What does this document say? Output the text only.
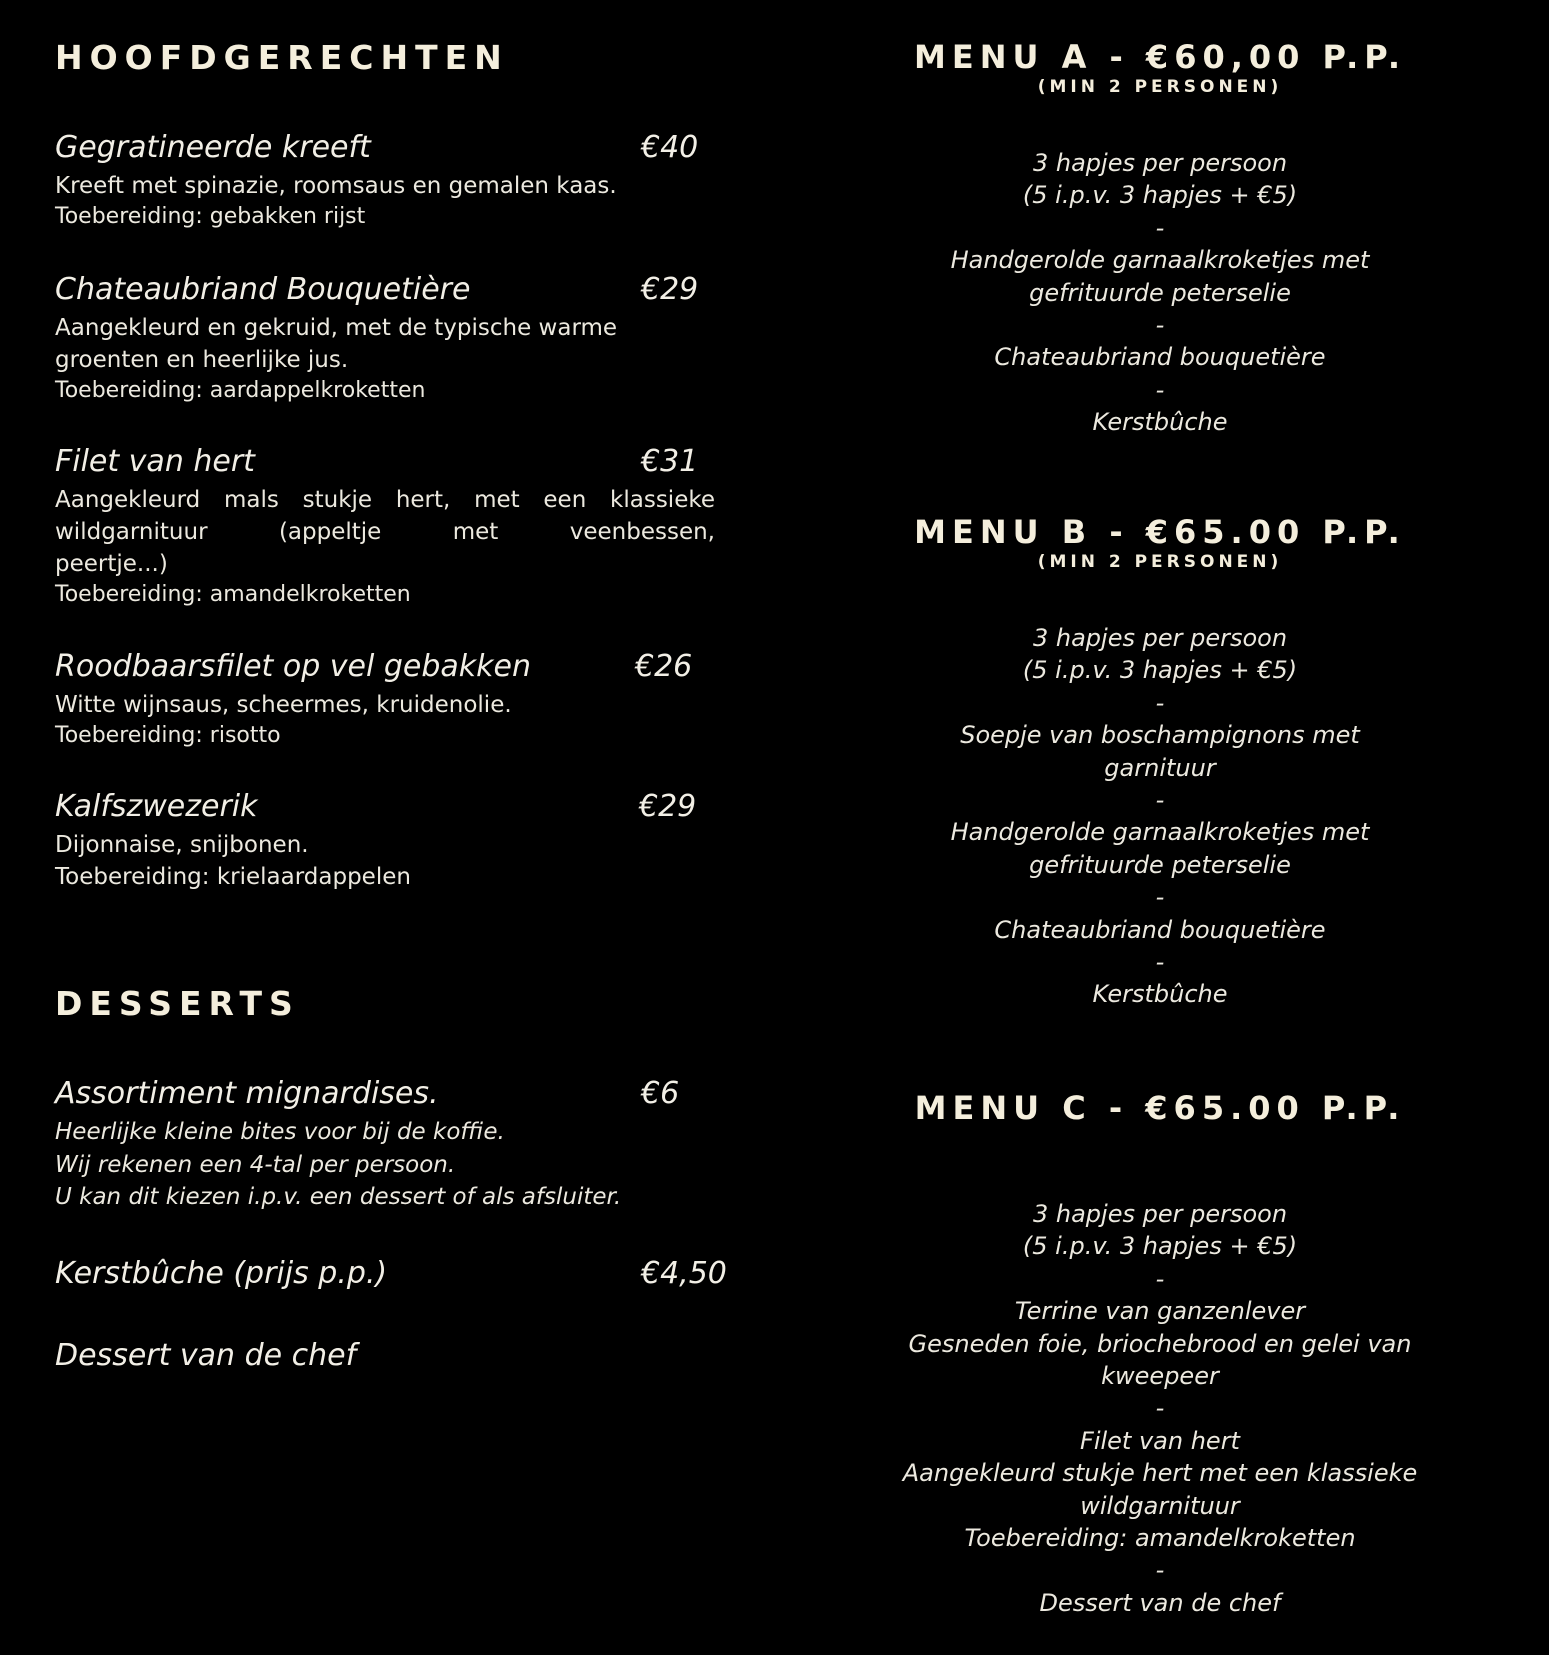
HOOFDGERECHTEN
Gegratineerde kreeft	€40

Kreeft met spinazie, roomsaus en gemalen kaas.

Toebereiding: gebakken rijst

Chateaubriand Bouquetière	€29

Aangekleurd en gekruid, met de typische warme

groenten en heerlijke jus.

Toebereiding: aardappelkroketten

Filet van hert	€31

Aangekleurd mals stukje hert, met een klassieke

wildgarnituur (appeltje met veenbessen,

peertje...)

Toebereiding: amandelkroketten

Roodbaarsfilet op vel gebakken	€26

Witte wijnsaus, scheermes, kruidenolie.

Toebereiding: risotto

Kalfszwezerik	€29

Dijonnaise, snijbonen.

Toebereiding: krielaardappelen

DESSERTS
Assortiment mignardises.	€6

Heerlijke kleine bites voor bij de koffie.

Wij rekenen een 4-tal per persoon.

U kan dit kiezen i.p.v. een dessert of als afsluiter.

Kerstbûche (prijs p.p.)	€4,50
Dessert van de chef

MENU A - €60,00 P.P.

(MIN 2 PERSONEN)

3 hapjes per persoon

(5 i.p.v. 3 hapjes + €5)

-

Handgerolde garnaalkroketjes met

gefrituurde peterselie

-

Chateaubriand bouquetière

-

Kerstbûche

MENU B - €65.00 P.P.

(MIN 2 PERSONEN)

3 hapjes per persoon

(5 i.p.v. 3 hapjes + €5)

-

Soepje van boschampignons met

garnituur

-

Handgerolde garnaalkroketjes met

gefrituurde peterselie

-

Chateaubriand bouquetière

-

Kerstbûche

MENU C - €65.00 P.P.

3 hapjes per persoon

(5 i.p.v. 3 hapjes + €5)

-

Terrine van ganzenlever

Gesneden foie, briochebrood en gelei van

kweepeer

-

Filet van hert

Aangekleurd stukje hert met een klassieke

wildgarnituur

Toebereiding: amandelkroketten

-

Dessert van de chef
